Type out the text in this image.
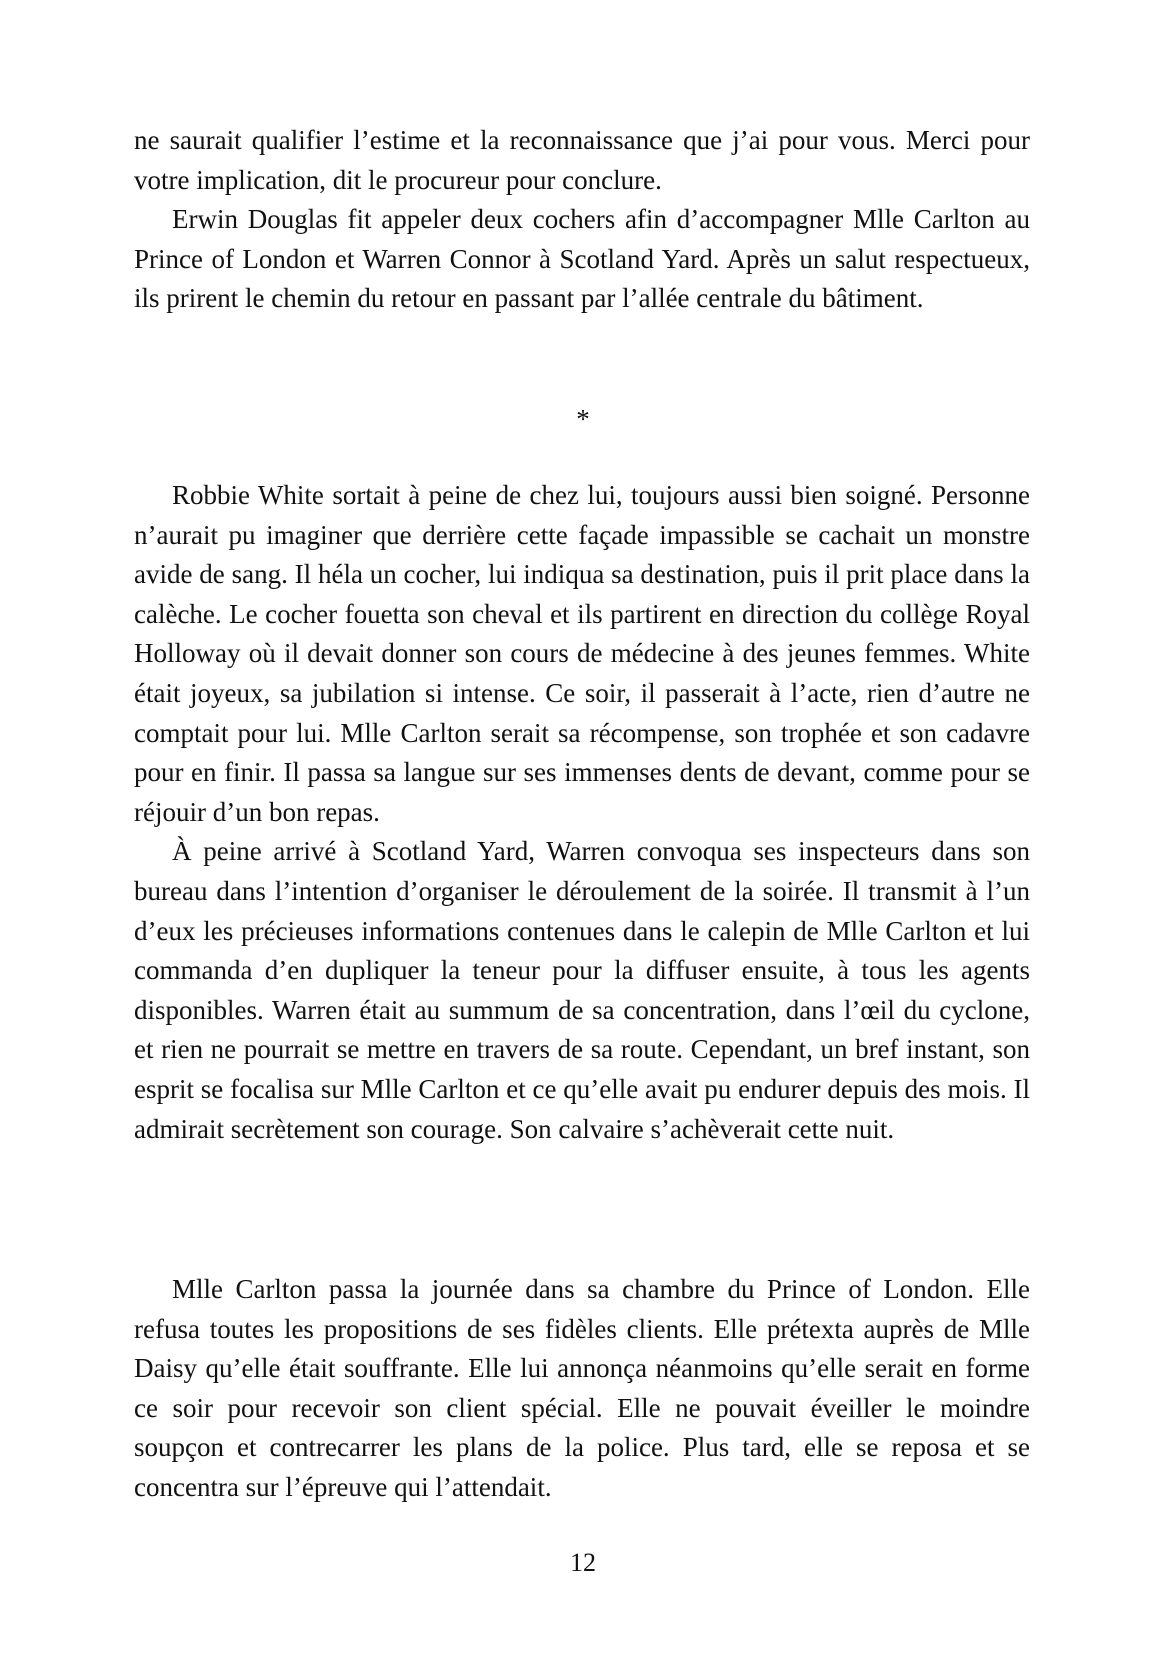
ne saurait qualifier l’estime et la reconnaissance que j’ai pour vous. Merci pour votre implication, dit le procureur pour conclure.

Erwin Douglas fit appeler deux cochers afin d’accompagner Mlle Carlton au Prince of London et Warren Connor à Scotland Yard. Après un salut respectueux, ils prirent le chemin du retour en passant par l’allée centrale du bâtiment.

*

Robbie White sortait à peine de chez lui, toujours aussi bien soigné. Personne n’aurait pu imaginer que derrière cette façade impassible se cachait un monstre avide de sang. Il héla un cocher, lui indiqua sa destination, puis il prit place dans la calèche. Le cocher fouetta son cheval et ils partirent en direction du collège Royal Holloway où il devait donner son cours de médecine à des jeunes femmes. White était joyeux, sa jubilation si intense. Ce soir, il passerait à l’acte, rien d’autre ne comptait pour lui. Mlle Carlton serait sa récompense, son trophée et son cadavre pour en finir. Il passa sa langue sur ses immenses dents de devant, comme pour se réjouir d’un bon repas.

À peine arrivé à Scotland Yard, Warren convoqua ses inspecteurs dans son bureau dans l’intention d’organiser le déroulement de la soirée. Il transmit à l’un d’eux les précieuses informations contenues dans le calepin de Mlle Carlton et lui commanda d’en dupliquer la teneur pour la diffuser ensuite, à tous les agents disponibles. Warren était au summum de sa concentration, dans l’œil du cyclone, et rien ne pourrait se mettre en travers de sa route. Cependant, un bref instant, son esprit se focalisa sur Mlle Carlton et ce qu’elle avait pu endurer depuis des mois. Il admirait secrètement son courage. Son calvaire s’achèverait cette nuit.

Mlle Carlton passa la journée dans sa chambre du Prince of London. Elle refusa toutes les propositions de ses fidèles clients. Elle prétexta auprès de Mlle Daisy qu’elle était souffrante. Elle lui annonça néanmoins qu’elle serait en forme ce soir pour recevoir son client spécial. Elle ne pouvait éveiller le moindre soupçon et contrecarrer les plans de la police. Plus tard, elle se reposa et se concentra sur l’épreuve qui l’attendait.

12
